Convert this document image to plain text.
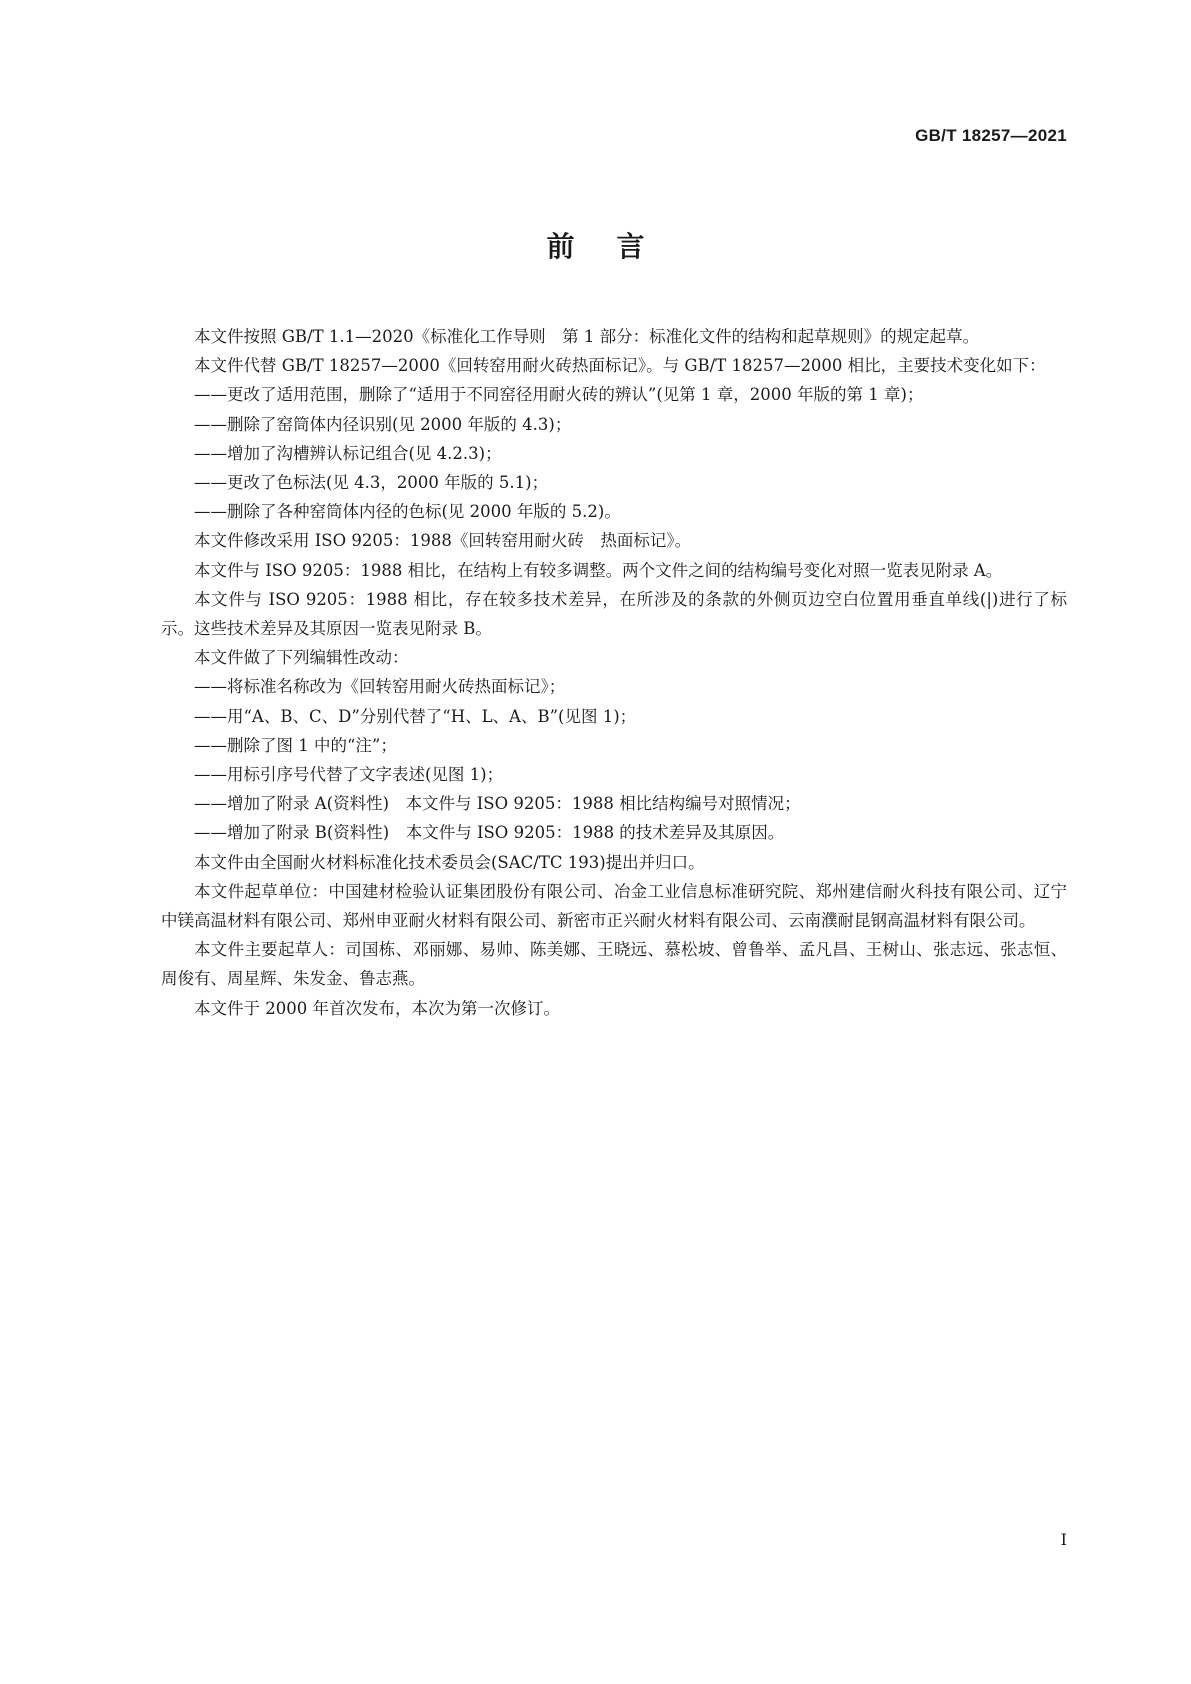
GB/T 18257—2021
前言

本文件按照 GB/T 1.1—2020《标准化工作导则　第 1 部分：标准化文件的结构和起草规则》的规定起草。

本文件代替 GB/T 18257—2000《回转窑用耐火砖热面标记》。与 GB/T 18257—2000 相比，主要技术变化如下：

——更改了适用范围，删除了“适用于不同窑径用耐火砖的辨认”(见第 1 章，2000 年版的第 1 章)；

——删除了窑筒体内径识别(见 2000 年版的 4.3)；

——增加了沟槽辨认标记组合(见 4.2.3)；

——更改了色标法(见 4.3，2000 年版的 5.1)；

——删除了各种窑筒体内径的色标(见 2000 年版的 5.2)。

本文件修改采用 ISO 9205：1988《回转窑用耐火砖　热面标记》。

本文件与 ISO 9205：1988 相比，在结构上有较多调整。两个文件之间的结构编号变化对照一览表见附录 A。

本文件与 ISO 9205：1988 相比，存在较多技术差异，在所涉及的条款的外侧页边空白位置用垂直单线(|)进行了标示。这些技术差异及其原因一览表见附录 B。

本文件做了下列编辑性改动：

——将标准名称改为《回转窑用耐火砖热面标记》；

——用“A、B、C、D”分别代替了“H、L、A、B”(见图 1)；

——删除了图 1 中的“注”；

——用标引序号代替了文字表述(见图 1)；

——增加了附录 A(资料性)　本文件与 ISO 9205：1988 相比结构编号对照情况；

——增加了附录 B(资料性)　本文件与 ISO 9205：1988 的技术差异及其原因。

本文件由全国耐火材料标准化技术委员会(SAC/TC 193)提出并归口。

本文件起草单位：中国建材检验认证集团股份有限公司、冶金工业信息标准研究院、郑州建信耐火科技有限公司、辽宁中镁高温材料有限公司、郑州申亚耐火材料有限公司、新密市正兴耐火材料有限公司、云南濮耐昆钢高温材料有限公司。

本文件主要起草人：司国栋、邓丽娜、易帅、陈美娜、王晓远、慕松坡、曾鲁举、孟凡昌、王树山、张志远、张志恒、周俊有、周星辉、朱发金、鲁志燕。

本文件于 2000 年首次发布，本次为第一次修订。

I
